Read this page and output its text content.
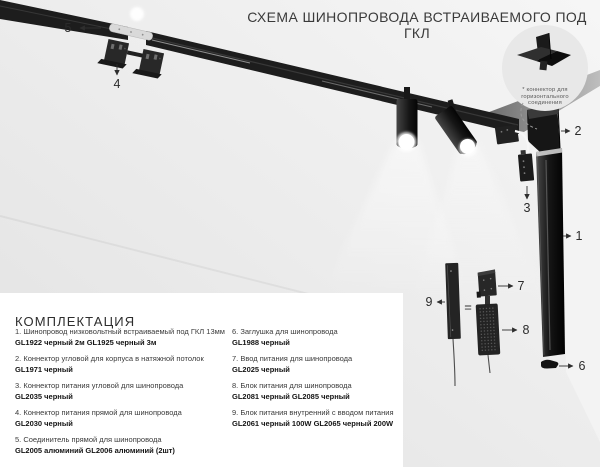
СХЕМА ШИНОПРОВОДА ВСТРАИВАЕМОГО ПОД ГКЛ
* коннектор для горизонтального соединения
1
2
3
4
5
6
7
8
9 =
КОМПЛЕКТАЦИЯ
1. Шинопровод низковольтный встраиваемый под ГКЛ 13мм
GL1922 черный 2м GL1925 черный 3м
2. Коннектор угловой для корпуса в натяжной потолок
GL1971 черный
3. Коннектор питания угловой для шинопровода
GL2035 черный
4. Коннектор питания прямой для шинопровода
GL2030 черный
5. Соединитель прямой для шинопровода
GL2005 алюминий GL2006 алюминий (2шт)
6. Заглушка для шинопровода
GL1988 черный
7. Ввод питания для шинопровода
GL2025 черный
8. Блок питания для шинопровода
GL2081 черный GL2085 черный
9. Блок питания внутренний с вводом питания
GL2061 черный 100W GL2065 черный 200W
